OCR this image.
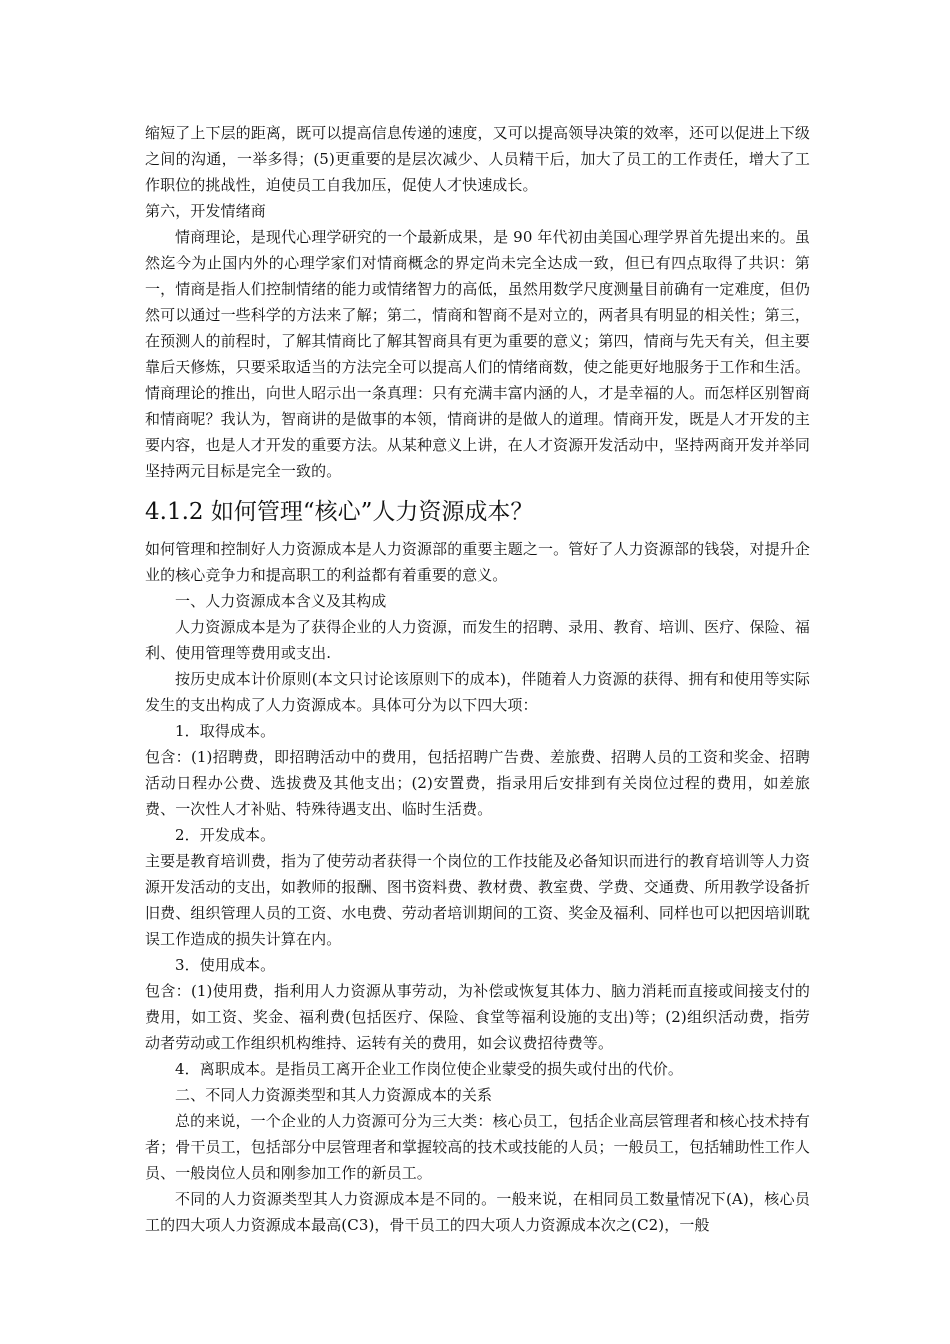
缩短了上下层的距离，既可以提高信息传递的速度，又可以提高领导决策的效率，还可以促进上下级之间的沟通，一举多得；(5)更重要的是层次减少、人员精干后，加大了员工的工作责任，增大了工作职位的挑战性，迫使员工自我加压，促使人才快速成长。

第六，开发情绪商

情商理论，是现代心理学研究的一个最新成果，是 90 年代初由美国心理学界首先提出来的。虽然迄今为止国内外的心理学家们对情商概念的界定尚未完全达成一致，但已有四点取得了共识：第一，情商是指人们控制情绪的能力或情绪智力的高低，虽然用数学尺度测量目前确有一定难度，但仍然可以通过一些科学的方法来了解；第二，情商和智商不是对立的，两者具有明显的相关性；第三，在预测人的前程时，了解其情商比了解其智商具有更为重要的意义；第四，情商与先天有关，但主要靠后天修炼，只要采取适当的方法完全可以提高人们的情绪商数，使之能更好地服务于工作和生活。情商理论的推出，向世人昭示出一条真理：只有充满丰富内涵的人，才是幸福的人。而怎样区别智商和情商呢？我认为，智商讲的是做事的本领，情商讲的是做人的道理。情商开发，既是人才开发的主要内容，也是人才开发的重要方法。从某种意义上讲，在人才资源开发活动中，坚持两商开发并举同坚持两元目标是完全一致的。

4.1.2 如何管理“核心”人力资源成本？

如何管理和控制好人力资源成本是人力资源部的重要主题之一。管好了人力资源部的钱袋，对提升企业的核心竞争力和提高职工的利益都有着重要的意义。

一、人力资源成本含义及其构成

人力资源成本是为了获得企业的人力资源，而发生的招聘、录用、教育、培训、医疗、保险、福利、使用管理等费用或支出.

按历史成本计价原则(本文只讨论该原则下的成本)，伴随着人力资源的获得、拥有和使用等实际发生的支出构成了人力资源成本。具体可分为以下四大项：

1．取得成本。

包含：(1)招聘费，即招聘活动中的费用，包括招聘广告费、差旅费、招聘人员的工资和奖金、招聘活动日程办公费、选拔费及其他支出；(2)安置费，指录用后安排到有关岗位过程的费用，如差旅费、一次性人才补贴、特殊待遇支出、临时生活费。

2．开发成本。

主要是教育培训费，指为了使劳动者获得一个岗位的工作技能及必备知识而进行的教育培训等人力资源开发活动的支出，如教师的报酬、图书资料费、教材费、教室费、学费、交通费、所用教学设备折旧费、组织管理人员的工资、水电费、劳动者培训期间的工资、奖金及福利、同样也可以把因培训耽误工作造成的损失计算在内。

3．使用成本。

包含：(1)使用费，指利用人力资源从事劳动，为补偿或恢复其体力、脑力消耗而直接或间接支付的费用，如工资、奖金、福利费(包括医疗、保险、食堂等福利设施的支出)等；(2)组织活动费，指劳动者劳动或工作组织机构维持、运转有关的费用，如会议费招待费等。

4．离职成本。是指员工离开企业工作岗位使企业蒙受的损失或付出的代价。

二、不同人力资源类型和其人力资源成本的关系

总的来说，一个企业的人力资源可分为三大类：核心员工，包括企业高层管理者和核心技术持有者；骨干员工，包括部分中层管理者和掌握较高的技术或技能的人员；一般员工，包括辅助性工作人员、一般岗位人员和刚参加工作的新员工。

不同的人力资源类型其人力资源成本是不同的。一般来说，在相同员工数量情况下(A)，核心员工的四大项人力资源成本最高(C3)，骨干员工的四大项人力资源成本次之(C2)，一般
